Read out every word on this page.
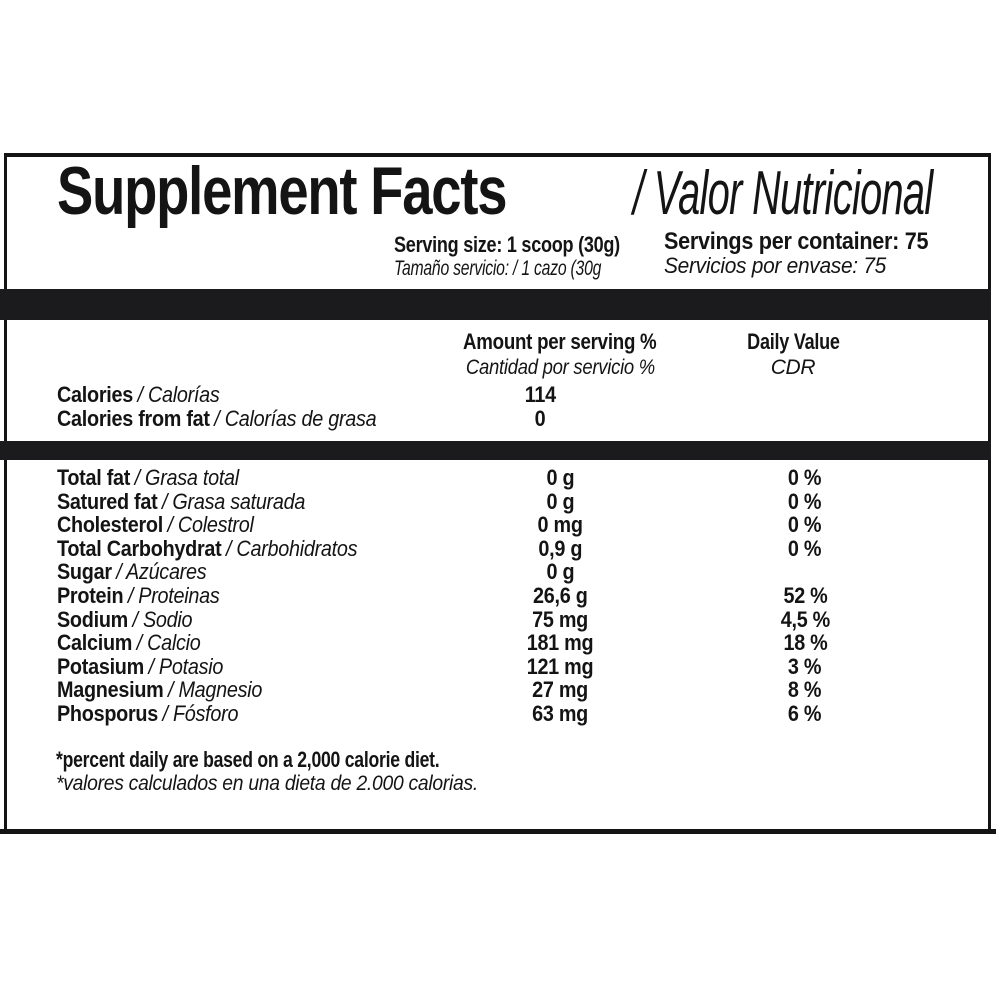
Supplement Facts / Valor Nutricional
Serving size: 1 scoop (30g)
Tamaño servicio: / 1 cazo (30g
Servings per container: 75
Servicios por envase: 75
Amount per serving %
Cantidad por servicio %
Daily Value
CDR
Calories / Calorías	114
Calories from fat / Calorías de grasa	0
Total fat / Grasa total	0 g	0 %
Satured fat / Grasa saturada	0 g	0 %
Cholesterol / Colestrol	0 mg	0 %
Total Carbohydrat / Carbohidratos	0,9 g	0 %
Sugar / Azúcares	0 g
Protein / Proteinas	26,6 g	52 %
Sodium / Sodio	75 mg	4,5 %
Calcium / Calcio	181 mg	18 %
Potasium / Potasio	121 mg	3 %
Magnesium / Magnesio	27 mg	8 %
Phosporus / Fósforo	63 mg	6 %
*percent daily are based on a 2,000 calorie diet.
*valores calculados en una dieta de 2.000 calorias.
